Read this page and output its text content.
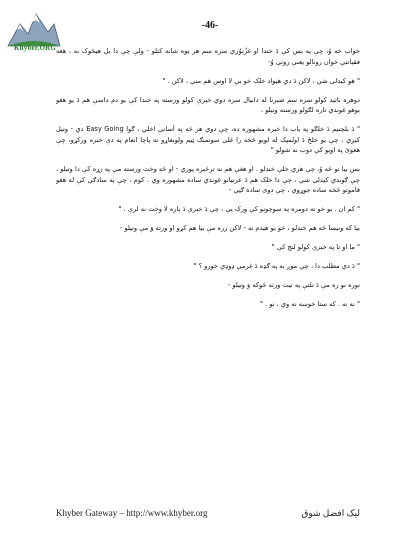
Khyber.ORG
-46-

خواب خه وُ، چې په بس کې دَ خندا او غزُبوُږي سره سم هر يوه شانه کتلو - ولې چې دا بل هيڅوک نه ، هغه فقياتتي خوان رونالو يعنې رونې وُ-

" هو کيدلی شي ، لاکن دَ دي هيواد خلک خو بې لا اوس هم مني ، لاکن . "

دوهره ناثيد کولو سره سم صبرنا له دانيال سره دوي خبرې کولو ورسته په خندا کې يو دم داسې هم دَ يو هغو بوهو غوندي تاره لګولو ورسته وتيلو ،

" دَ بلچنيم دَ خلګو په باب دا خبره مشهوره ده، چې دوي هر څه په آساني اخلي ، ګوا Easy Going دي - وتيل کيږي ، چې يو خلځ دَ اولمپک له لوبو څخه را غلی سوتمنګ ټيم ولوبغاړو ته پاچا انعام په دې خبره ورکړو، چې هغوئ په اوبو کې دوب نه شولو "

بس بيا نو څه وُ، چې هري خلې خندلو . او هغې هم نه ترڅيره پوري - او څه وخت ورسته مې په زړه کې دا وتيلو ، چې ګوندي کيدلی شي ، چې دا خلک هم دَ عربيانو غوندي ساده مشهوره وي . کوم ، چې په سادګي کې له هغو قاموتو څخه ساده جوړوي ، چې دوی ساده ګڼي -

" کم ان . يو خو ته دومره په سوچونو کې ورک يې ، چې دَ خبرې دَ پاره لا وخت نه لرې . "

بيا که ونيسا څه هم خندلو ، خو يو هيدم نه - لاکن زره مې بيا هم کړو او ورته وَ مې وتيلو -

" ما او تا په خبرې کولو لنچ کې "

" دَ دي مطلب دا ، چې موږ به په ګډه دَ غرمې ډوډي خورو ؟ "

نوره نو ره مې دَ تلتې په نيت ورته څوکه وَ وتيلو -

" نه نه . که ستا خوښه نه وي ، نو . "

Khyber Gateway – http://www.khyber.org	ليک افضل شوق
